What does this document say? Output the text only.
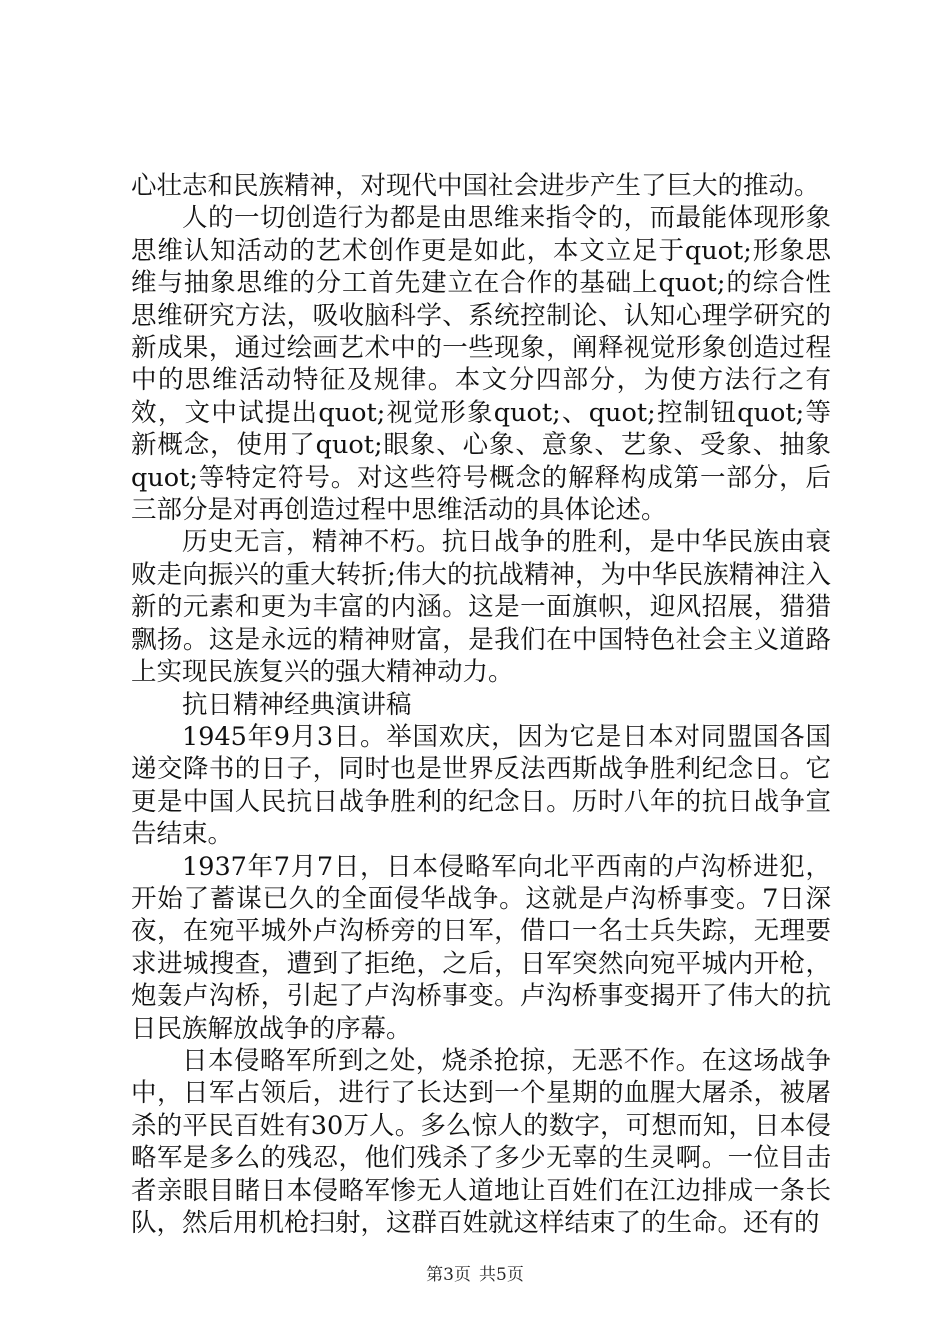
心壮志和民族精神，对现代中国社会进步产生了巨大的推动。

人的一切创造行为都是由思维来指令的，而最能体现形象思维认知活动的艺术创作更是如此，本文立足于quot;形象思维与抽象思维的分工首先建立在合作的基础上quot;的综合性思维研究方法，吸收脑科学、系统控制论、认知心理学研究的新成果，通过绘画艺术中的一些现象，阐释视觉形象创造过程中的思维活动特征及规律。本文分四部分，为使方法行之有效，文中试提出quot;视觉形象quot;、quot;控制钮quot;等新概念，使用了quot;眼象、心象、意象、艺象、受象、抽象quot;等特定符号。对这些符号概念的解释构成第一部分，后三部分是对再创造过程中思维活动的具体论述。

历史无言，精神不朽。抗日战争的胜利，是中华民族由衰败走向振兴的重大转折;伟大的抗战精神，为中华民族精神注入新的元素和更为丰富的内涵。这是一面旗帜，迎风招展，猎猎飘扬。这是永远的精神财富，是我们在中国特色社会主义道路上实现民族复兴的强大精神动力。

抗日精神经典演讲稿

1945年9月3日。举国欢庆，因为它是日本对同盟国各国递交降书的日子，同时也是世界反法西斯战争胜利纪念日。它更是中国人民抗日战争胜利的纪念日。历时八年的抗日战争宣告结束。

1937年7月7日，日本侵略军向北平西南的卢沟桥进犯，开始了蓄谋已久的全面侵华战争。这就是卢沟桥事变。7日深夜，在宛平城外卢沟桥旁的日军，借口一名士兵失踪，无理要求进城搜查，遭到了拒绝，之后，日军突然向宛平城内开枪，炮轰卢沟桥，引起了卢沟桥事变。卢沟桥事变揭开了伟大的抗日民族解放战争的序幕。

日本侵略军所到之处，烧杀抢掠，无恶不作。在这场战争中，日军占领后，进行了长达到一个星期的血腥大屠杀，被屠杀的平民百姓有30万人。多么惊人的数字，可想而知，日本侵略军是多么的残忍，他们残杀了多少无辜的生灵啊。一位目击者亲眼目睹日本侵略军惨无人道地让百姓们在江边排成一条长队，然后用机枪扫射，这群百姓就这样结束了的生命。还有的

第3页 共5页
